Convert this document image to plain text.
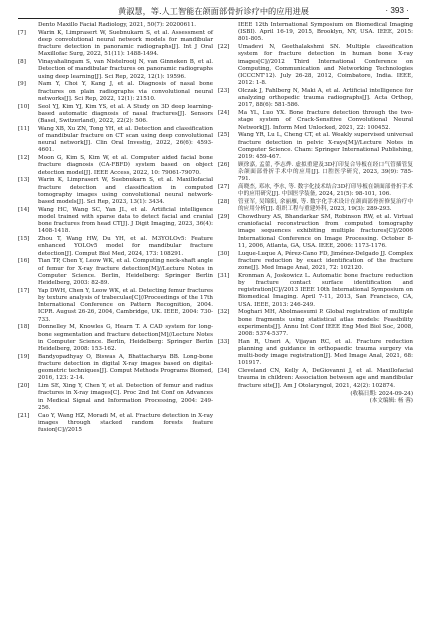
黄淑慧，等.人工智能在颌面部骨折诊疗中的应用进展	· 393 ·
Dento Maxillo Facial Radiology, 2021, 50(7): 20200611.
[7] Warin K, Limprasert W, Suebnukarn S, et al. Assessment of deep convolutional neural network models for mandibular fracture detection in panoramic radiographs[J]. Int J Oral Maxillofac Surg, 2022, 51(11): 1488-1494.
[8] Vinayahalingam S, van Nistelrooij N, van Ginneken B, et al. Detection of mandibular fractures on panoramic radiographs using deep learning[J]. Sci Rep, 2022, 12(1): 19596.
[9] Nam Y, Choi Y, Kang J, et al. Diagnosis of nasal bone fractures on plain radiographs via convolutional neural networks[J]. Sci Rep, 2022, 12(1): 21510.
[10] Seol YJ, Kim YJ, Kim YS, et al. A Study on 3D deep learning-based automatic diagnosis of nasal fractures[J]. Sensors (Basel, Switzerland), 2022, 22(2): 506.
[11] Wang XB, Xu ZN, Tong YH, et al. Detection and classification of mandibular fracture on CT scan using deep convolutional neural network[J]. Clin Oral Investig, 2022, 26(6): 4593-4601.
[12] Moon G, Kim S, Kim W, et al. Computer aided facial bone fracture diagnosis (CA-FBFD) system based on object detection model[J]. IEEE Access, 2022, 10: 79061-79070.
[13] Warin K, Limprasert W, Suebnukarn S, et al. Maxillofacial fracture detection and classification in computed tomography images using convolutional neural network-based models[J]. Sci Rep, 2023, 13(1): 3434.
[14] Wang HC, Wang SC, Yan JL, et al. Artificial intelligence model trained with sparse data to detect facial and cranial bone fractures from head CT[J]. J Digit Imaging, 2023, 36(4): 1408-1418.
[15] Zhou T, Wang HW, Du YH, et al. M3YOLOv5: Feature enhanced YOLOv5 model for mandibular fracture detection[J]. Comput Biol Med, 2024, 173: 108291.
[16] Tian TP, Chen Y, Leow WK, et al. Computing neck-shaft angle of femur for X-ray fracture detection[M]//Lecture Notes in Computer Science. Berlin, Heidelberg: Springer Berlin Heidelberg, 2003: 82-89.
[17] Yap DWH, Chen Y, Leow WK, et al. Detecting femur fractures by texture analysis of trabeculae[C]//Proceedings of the 17th International Conference on Pattern Recognition, 2004. ICPR. August 26-26, 2004, Cambridge, UK. IEEE, 2004: 730-733.
[18] Donnelley M, Knowles G, Hearn T. A CAD system for long-bone segmentation and fracture detection[M]//Lecture Notes in Computer Science. Berlin, Heidelberg: Springer Berlin Heidelberg, 2008: 153-162.
[19] Bandyopadhyay O, Biswas A, Bhattacharya BB. Long-bone fracture detection in digital X-ray images based on digital-geometric techniques[J]. Comput Methods Programs Biomed, 2016, 123: 2-14.
[20] Lim SE, Xing Y, Chen Y, et al. Detection of femur and radius fractures in X-ray images[C]. Proc 2nd Int Conf on Advances in Medical Signal and Information Processing, 2004: 249-256.
[21] Cao Y, Wang HZ, Moradi M, et al. Fracture detection in X-ray images through stacked random forests feature fusion[C]//2015
IEEE 12th International Symposium on Biomedical Imaging (ISBI). April 16-19, 2015, Brooklyn, NY, USA. IEEE, 2015: 801-805.
[22] Umadevi N, Geethalakshmi SN. Multiple classification system for fracture detection in human bone X-ray images[C]//2012 Third International Conference on Computing, Communication and Networking Technologies (ICCCNT'12). July 26-28, 2012, Coimbatore, India. IEEE, 2012: 1-8.
[23] Olczak J, Fahlberg N, Maki A, et al. Artificial intelligence for analyzing orthopedic trauma radiographs[J]. Acta Orthop, 2017, 88(6): 581-586.
[24] Ma YL, Luo YX. Bone fracture detection through the two-stage system of Crack-Sensitive Convolutional Neural Network[J]. Inform Med Unlocked, 2021, 22: 100452.
[25] Wang YR, Lu L, Cheng CT, et al. Weakly supervised universal fracture detection in pelvic X-rays[M]//Lecture Notes in Computer Science. Cham: Springer International Publishing, 2019: 459-467.
[26] 顾徐嘉, 孟蕾, 李志烨. 虚拟重建及3D打印复合导板在经口气管插管复杂颌面部骨折手术中的应用[J]. 口腔医学研究, 2023, 39(9): 785-791.
[27] 高晓杰, 邓冰, 李水, 等. 数字化技术结合3D打印导板在颌面部骨折手术中的应用研究[J]. 中国医学装备, 2024, 21(5): 98-101, 106.
[28] 管亚军, 吴锦阳, 余丽雁, 等. 数字化手术设计在颌面部骨折修复治疗中的应用分析[J]. 组织工程与重建外科, 2023, 19(3): 289-293.
[29] Chowdhury AS, Bhandarkar SM, Robinson RW, et al. Virtual craniofacial reconstruction from computed tomography image sequences exhibiting multiple fractures[C]//2006 International Conference on Image Processing. October 8-11, 2006, Atlanta, GA, USA. IEEE, 2006: 1173-1176.
[30] Luque-Luque A, Pérez-Cano FD, Jiménez-Delgado JJ. Complex fracture reduction by exact identification of the fracture zone[J]. Med Image Anal, 2021, 72: 102120.
[31] Kronman A, Joskowicz L. Automatic bone fracture reduction by fracture contact surface identification and registration[C]//2013 IEEE 10th International Symposium on Biomedical Imaging. April 7-11, 2013, San Francisco, CA, USA. IEEE, 2013: 246-249.
[32] Moghari MH, Abolmaesumi P. Global registration of multiple bone fragments using statistical atlas models: Feasibility experiments[J]. Annu Int Conf IEEE Eng Med Biol Soc, 2008, 2008: 5374-5377.
[33] Han R, Uneri A, Vijayan RC, et al. Fracture reduction planning and guidance in orthopaedic trauma surgery via multi-body image registration[J]. Med Image Anal, 2021, 68: 101917.
[34] Cleveland CN, Kelly A, DeGiovanni J, et al. Maxillofacial trauma in children: Association between age and mandibular fracture site[J]. Am J Otolaryngol, 2021, 42(2): 102874.
(收稿日期: 2024-09-24)
(本文编辑: 杨 蓉)
